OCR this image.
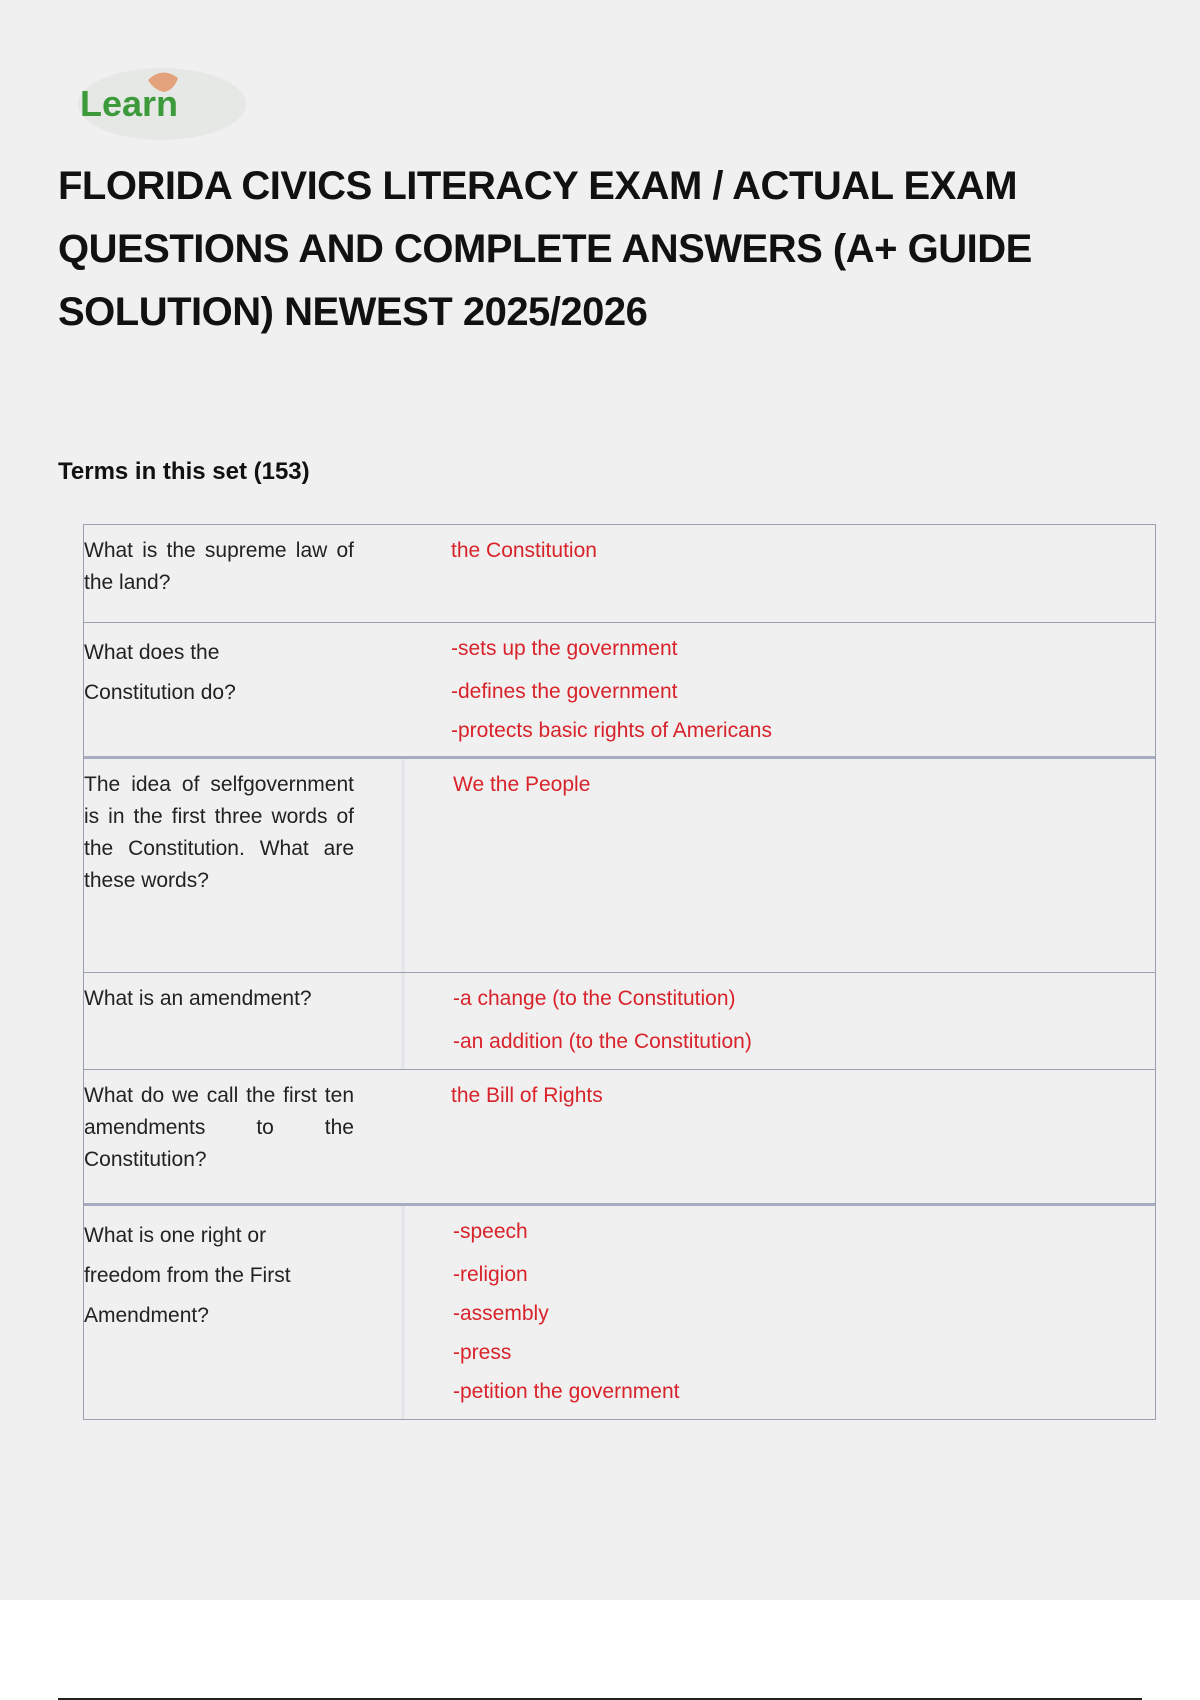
Learn
FLORIDA CIVICS LITERACY EXAM / ACTUAL EXAM QUESTIONS AND COMPLETE ANSWERS (A+ GUIDE SOLUTION) NEWEST 2025/2026
Terms in this set (153)
What is the supreme law of the land?
the Constitution
What does the Constitution do?
-sets up the government
-defines the government
-protects basic rights of Americans
The idea of selfgovernment is in the first three words of the Constitution. What are these words?
We the People
What is an amendment?	-a change (to the Constitution)
-an addition (to the Constitution)
What do we call the first ten amendments to the Constitution?
the Bill of Rights
What is one right or freedom from the First Amendment?
-speech
-religion
-assembly
-press
-petition the government
